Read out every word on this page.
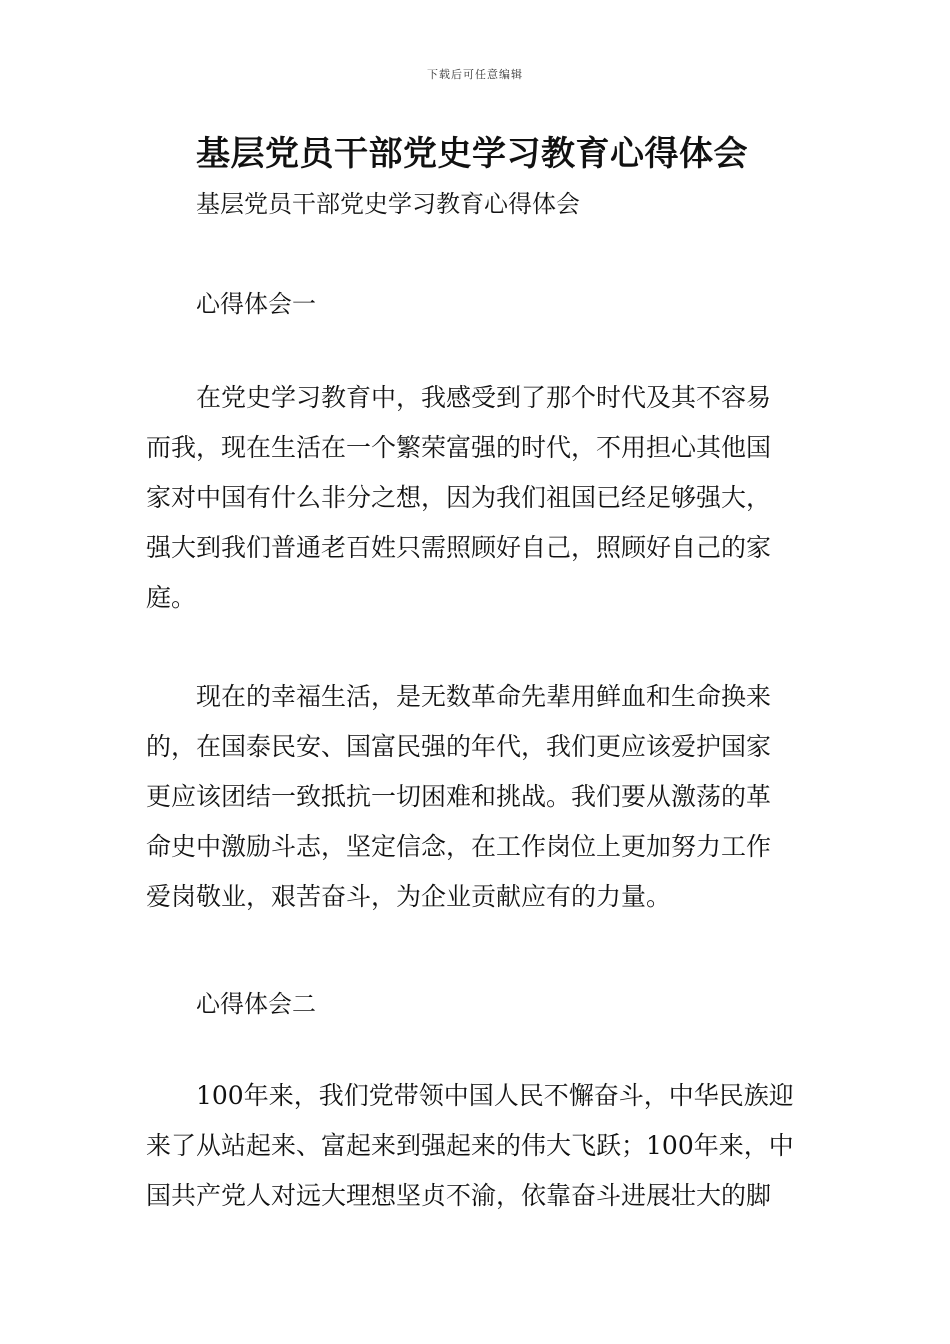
下载后可任意编辑
基层党员干部党史学习教育心得体会
基层党员干部党史学习教育心得体会
心得体会一
在党史学习教育中，我感受到了那个时代及其不容易
而我，现在生活在一个繁荣富强的时代，不用担心其他国
家对中国有什么非分之想，因为我们祖国已经足够强大，
强大到我们普通老百姓只需照顾好自己，照顾好自己的家
庭。
现在的幸福生活，是无数革命先辈用鲜血和生命换来
的，在国泰民安、国富民强的年代，我们更应该爱护国家
更应该团结一致抵抗一切困难和挑战。我们要从激荡的革
命史中激励斗志，坚定信念，在工作岗位上更加努力工作
爱岗敬业，艰苦奋斗，为企业贡献应有的力量。
心得体会二
100年来，我们党带领中国人民不懈奋斗，中华民族迎
来了从站起来、富起来到强起来的伟大飞跃；100年来，中
国共产党人对远大理想坚贞不渝，依靠奋斗进展壮大的脚
